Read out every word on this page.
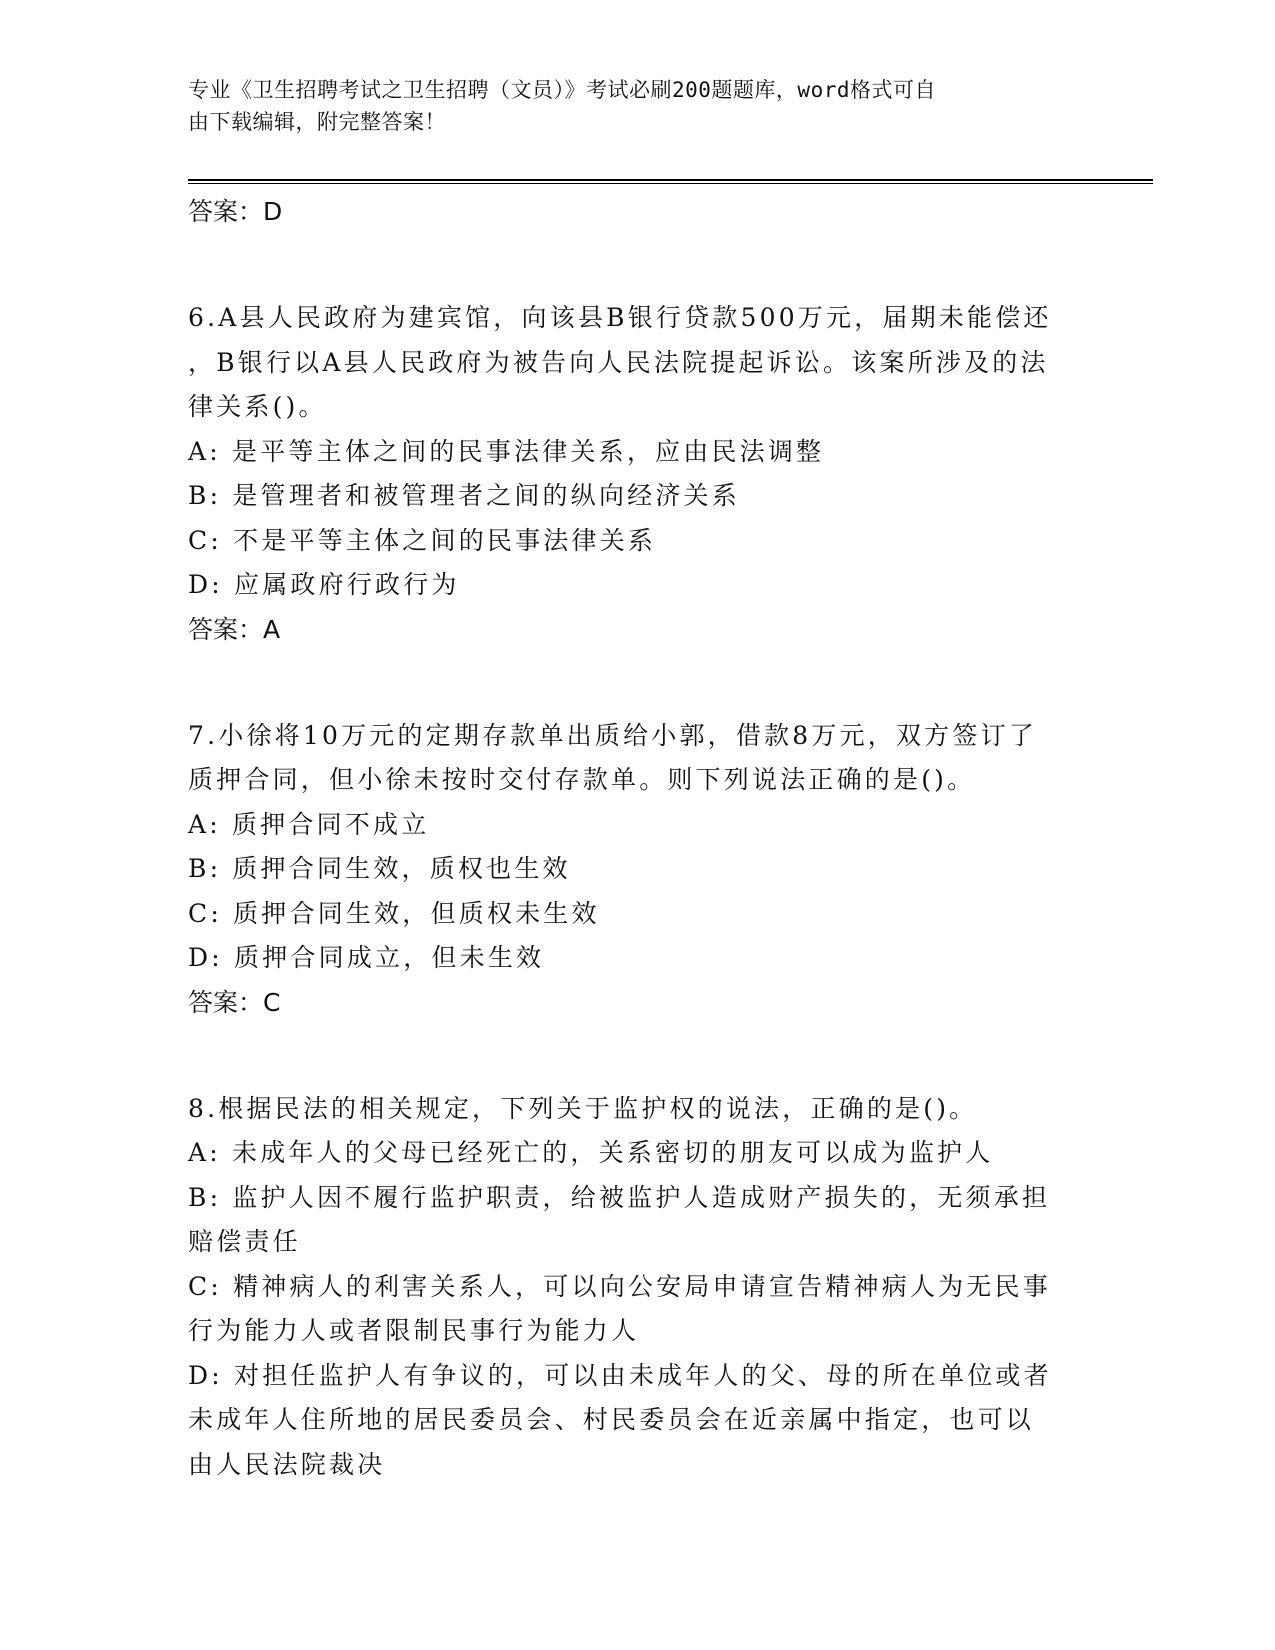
专业《卫生招聘考试之卫生招聘（文员）》考试必刷200题题库，word格式可自
由下载编辑，附完整答案！
答案：D
6.A县人民政府为建宾馆，向该县B银行贷款500万元，届期未能偿还
，B银行以A县人民政府为被告向人民法院提起诉讼。该案所涉及的法
律关系()。
A: 是平等主体之间的民事法律关系，应由民法调整
B: 是管理者和被管理者之间的纵向经济关系
C: 不是平等主体之间的民事法律关系
D: 应属政府行政行为
答案：A
7.小徐将10万元的定期存款单出质给小郭，借款8万元，双方签订了
质押合同，但小徐未按时交付存款单。则下列说法正确的是()。
A: 质押合同不成立
B: 质押合同生效，质权也生效
C: 质押合同生效，但质权未生效
D: 质押合同成立，但未生效
答案：C
8.根据民法的相关规定，下列关于监护权的说法，正确的是()。
A: 未成年人的父母已经死亡的，关系密切的朋友可以成为监护人
B: 监护人因不履行监护职责，给被监护人造成财产损失的，无须承担
赔偿责任
C: 精神病人的利害关系人，可以向公安局申请宣告精神病人为无民事
行为能力人或者限制民事行为能力人
D: 对担任监护人有争议的，可以由未成年人的父、母的所在单位或者
未成年人住所地的居民委员会、村民委员会在近亲属中指定，也可以
由人民法院裁决
